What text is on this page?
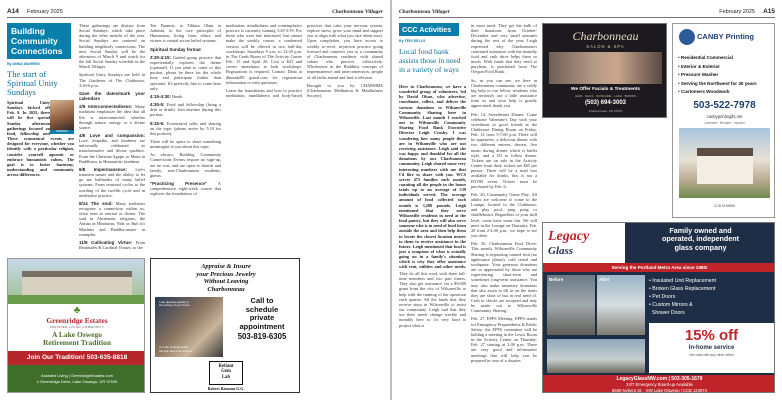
A14 February 2025	Charbonneau Villager
Building Community Connections
By ANNA WARREN
The start of Spiritual Unity Sundays
WARREN
Spiritual Unity Sundays kicked off Feb. 9. In 2025, there will be five special Sunday afternoon gatherings focused on food, fellowship and
These ecumenical events are designed for everyone, whether you identify with a particular religion, consider yourself agnostic or embrace humanistic values. The goal is to foster harmony, understanding and community across differences.

These gatherings are distinct from Social Sundays, which take place during the other months of the year. Social Sundays are centered on building neighborly connections. The next Social Sunday will be the afternoon of March 9 and watch for the full Social Sunday schedule in the March Villager.

Spiritual Unity Sundays are held in The Gardenes of The Clubhouse, 3:30-6 p.m.

Save the dates/mark your calendars

2/9 Interconnectedness: Many traditions emphasize the idea that all life is interconnected, whether through nature, energy or a divine source.

4/6 Love and compassion: Love, empathy, and kindness are universally celebrated as transformative and divine qualities. From the Christian Agape, to Metta in Buddhism, to Humanistic kindness.

6/8 Impermanence: Life's transient nature and the ability to let go are hallmarks of many belief systems. From seasonal cycles to the wording of the twelfth cycle and in meditative practice.

8/14 The soul: Many traditions recognize a connection within us, often seen as eternal or divine. The soul in Abrahamic religions, the Atman in Hinduism, Nafs or Ruh for Muslims and Buddha-nature in examples.

11/9 Cultivating Virtue: From Beatitudes & Cardinal Virtues, to the

Ten Paramis, to Tikkun Olam in Judaism, to the core principles of Humanism, living from ethics and virtues is central across belief systems.

Spiritual Sunday format

3:30-4:15: Guided group practice that experientially explores the theme (optional). If you plan to come to this portion, please be there for the whole time and participate (rather than spectate). It's perfectly fine to come later only.

4:15-4:30: Break

4:30-5: Food and fellowship (bring a dish or drink). Join anytime during this portion.

5:15-6: Ecumenical talks and sharing on the topic (please arrive by 5:10 for this portion).

There will be space to share something meaningful to you about this topic.

As always, Building Community Connections Events require no sign-up, are no cost, and are open to friends and family, non-Charbonneau residents, guests.

"Practicing Presence" A comprehensive eight-week course that explores the foundations of

meditation, mindfulness and contemplative practice is currently running 1/29-3/19. For those who were late interested, but cannot make the weekly course, a condensed version will be offered in two half-day workshops. Saturdays 9 a.m. to 12:30 p.m. in The Cards Room of The Activity Center Feb. 15 and April 26. Cost is $25 and covers attendance at both workshops. Registration is required. Contact Dana at dbeeadz89 gmail.com for registration information or with questions.

Learn the foundations and how to practice meditation, mindfulness and body-based practices that calm your nervous system, explore stress, grow your mind and support you to align with what you care about most. Upon completion, you have access to weekly to-revel, in-person practice going forward and connects you to a community of Charbonneau residents with shared values who practice collectively. Wholesome in the Buddhist concepts of impermanence and interconnection, people of all faiths attend and find it relevant.

Brought to you by CHARMMS (Charbonneau Meditation & Mindfulness Society).

♣
Greenridge Estates
ASSISTED LIVING COMMUNITY
A Lake Oswego
Retirement Tradition
Join Our Tradition! 503-635-8818
Assisted Living | GreenridgeEstates.com
4 Greenridge Drive, Lake Oswego, OR 97035
Appraise & Insure
your Precious Jewelry
Without Leaving
Charbonneau
I can appraise jewelry in
the privacy of your home
or in the modular center
We just need to be indoors
Call to
schedule
private
appointment
503-819-6305
Reliant
Gem
Lab
Robert Bauman G.G.
Charbonneau Villager	February 2025 A15
CCC Activities
By TERI SELLS
Local food bank assists those in need in a variety of ways

Here in Charbonneau, we have a wonderful group of volunteers, led by David Olson, who advertise, coordinate, collect, and deliver the various donations to Wilsonville Community Sharing here in Wilsonville. Last month I reached out to Wilsonville Community Sharing Food Bank Executive Director Leigh Crosby. I was wondering how many people there are in Wilsonville who are not receiving assistance. Leigh said she was happy and thankful for all the donations by our Charbonneau community. Leigh shared some very interesting numbers with me that I'd like to share with you. WCS serves 475 families each month, counting all the people in the house totals up to an average of 539 individuals served. The average amount of food collected each month is 3,200 pounds. Leigh mentioned that they serve Wilsonville residents in need at the food pantry, but they will also serve someone who is in need of food from outside the area and then help them to locate the closest location nearer to them to receive assistance in the future. Leigh mentioned that food is just a symptom of what is actually going on in a family's situation, which is why they offer assistance with rent, utilities and other needs.

They do all this work with three full-time members and two part timers. They also get assistance via a $9,000 grant from the city of Wilsonville to help with the running of the operation each quarter. All the funds that they receive stays in Wilsonville to assist our community. Leigh said that they see their needs change weekly and monthly here so it's very hard to project what is

in most need. They get the bulk of their donations from October-December and very small amounts during the rest of the year. Leigh expressed why Charbonneau's continued assistance with the monthly food and cash drive helps them so much. With funds that they need to purchase, is purchased from The Oregon Food Bank.

So, as you can see, we here in Charbonneau community are a really big help to our fellow residents who are seriously use a little assistance from us and your help is greatly appreciated, thank you.

Feb. 14, Sweethearts Dinner: Come celebrate Valentine's Day with your sweetheart or good friends at the Clubhouse Dining Room on Friday, Feb. 14 from 5-7:00 p.m. There will be appetizers, a delicious dinner with two different entrees, dessert, live music during dinner, which is buffet style, and a DJ to follow dinner. Tickets are on sale in the Activity Center front desk, tickets are $65 per person. There will be a mail box available for drinks; this is not a BYOB event. Tickets must be purchased by Feb. 6.

Feb. 20, Community Game Play: All adults are welcome to come to the Lounge, located in the Clubhouse, and play pool, ping pong or shuffleboard. Regardless of your skill level, come have some fun. We will meet in the Lounge on Thursday, Feb. 20 from 2-4:30 p.m., we hope to see you there.

Feb. 26, Charbonneau Food Drive: This month, Wilsonville Community Sharing is requesting canned fruit (no applesauce please), cold cereal and toothpaste. Your generous donations are so appreciated by those who are experiencing short-term and sometimes long-term assistance. You may also make monetary donations that also assist to fill in on the items they are short of but in real need of. Cash or checks are accepted and may be made out to Wilsonville Community Sharing.

Feb. 27, EPPS Meeting: EPPS stands for Emergency Preparedness & Public Safety; the EPPS committee will be holding a meeting in the Lewis Room in the Activity Center on Thursday, Feb. 27 starting at 2:00 p.m. These are very good and informative meetings that will help you be prepared in case of a disaster.

Charbonneau
SALON & SPA
We Offer Facials & Treatments
HAIR · NAILS · SKINCARE · LASH · BROWS
(503) 694-3003
Charbonneau, OR 97070
CANBY Printing
• Residential Commercial
• Interior & Exterior
• Pressure Washer
• Serving the Northwest for 30 years
• Customers Woodwork
503-522-7978
canbyprintinglls.net
Licensed · Bonded · Insured
CCB #195965
Legacy
Glass
Family owned and
operated, independent
glass company
Serving the Portland Metro Area since 1980!
Before	After	• Insulated Unit Replacement
• Broken Glass Replacement
• Pet Doors
• Custom Mirrors &
Shower Doors
15% off
In-home service
Not valid with any other offers
LegacyGlassNW.com | 503-305-1679
24/7 Emergency Board-up Available
8550 Nyberg St. · SW Lake Oswego | CCB 123974
